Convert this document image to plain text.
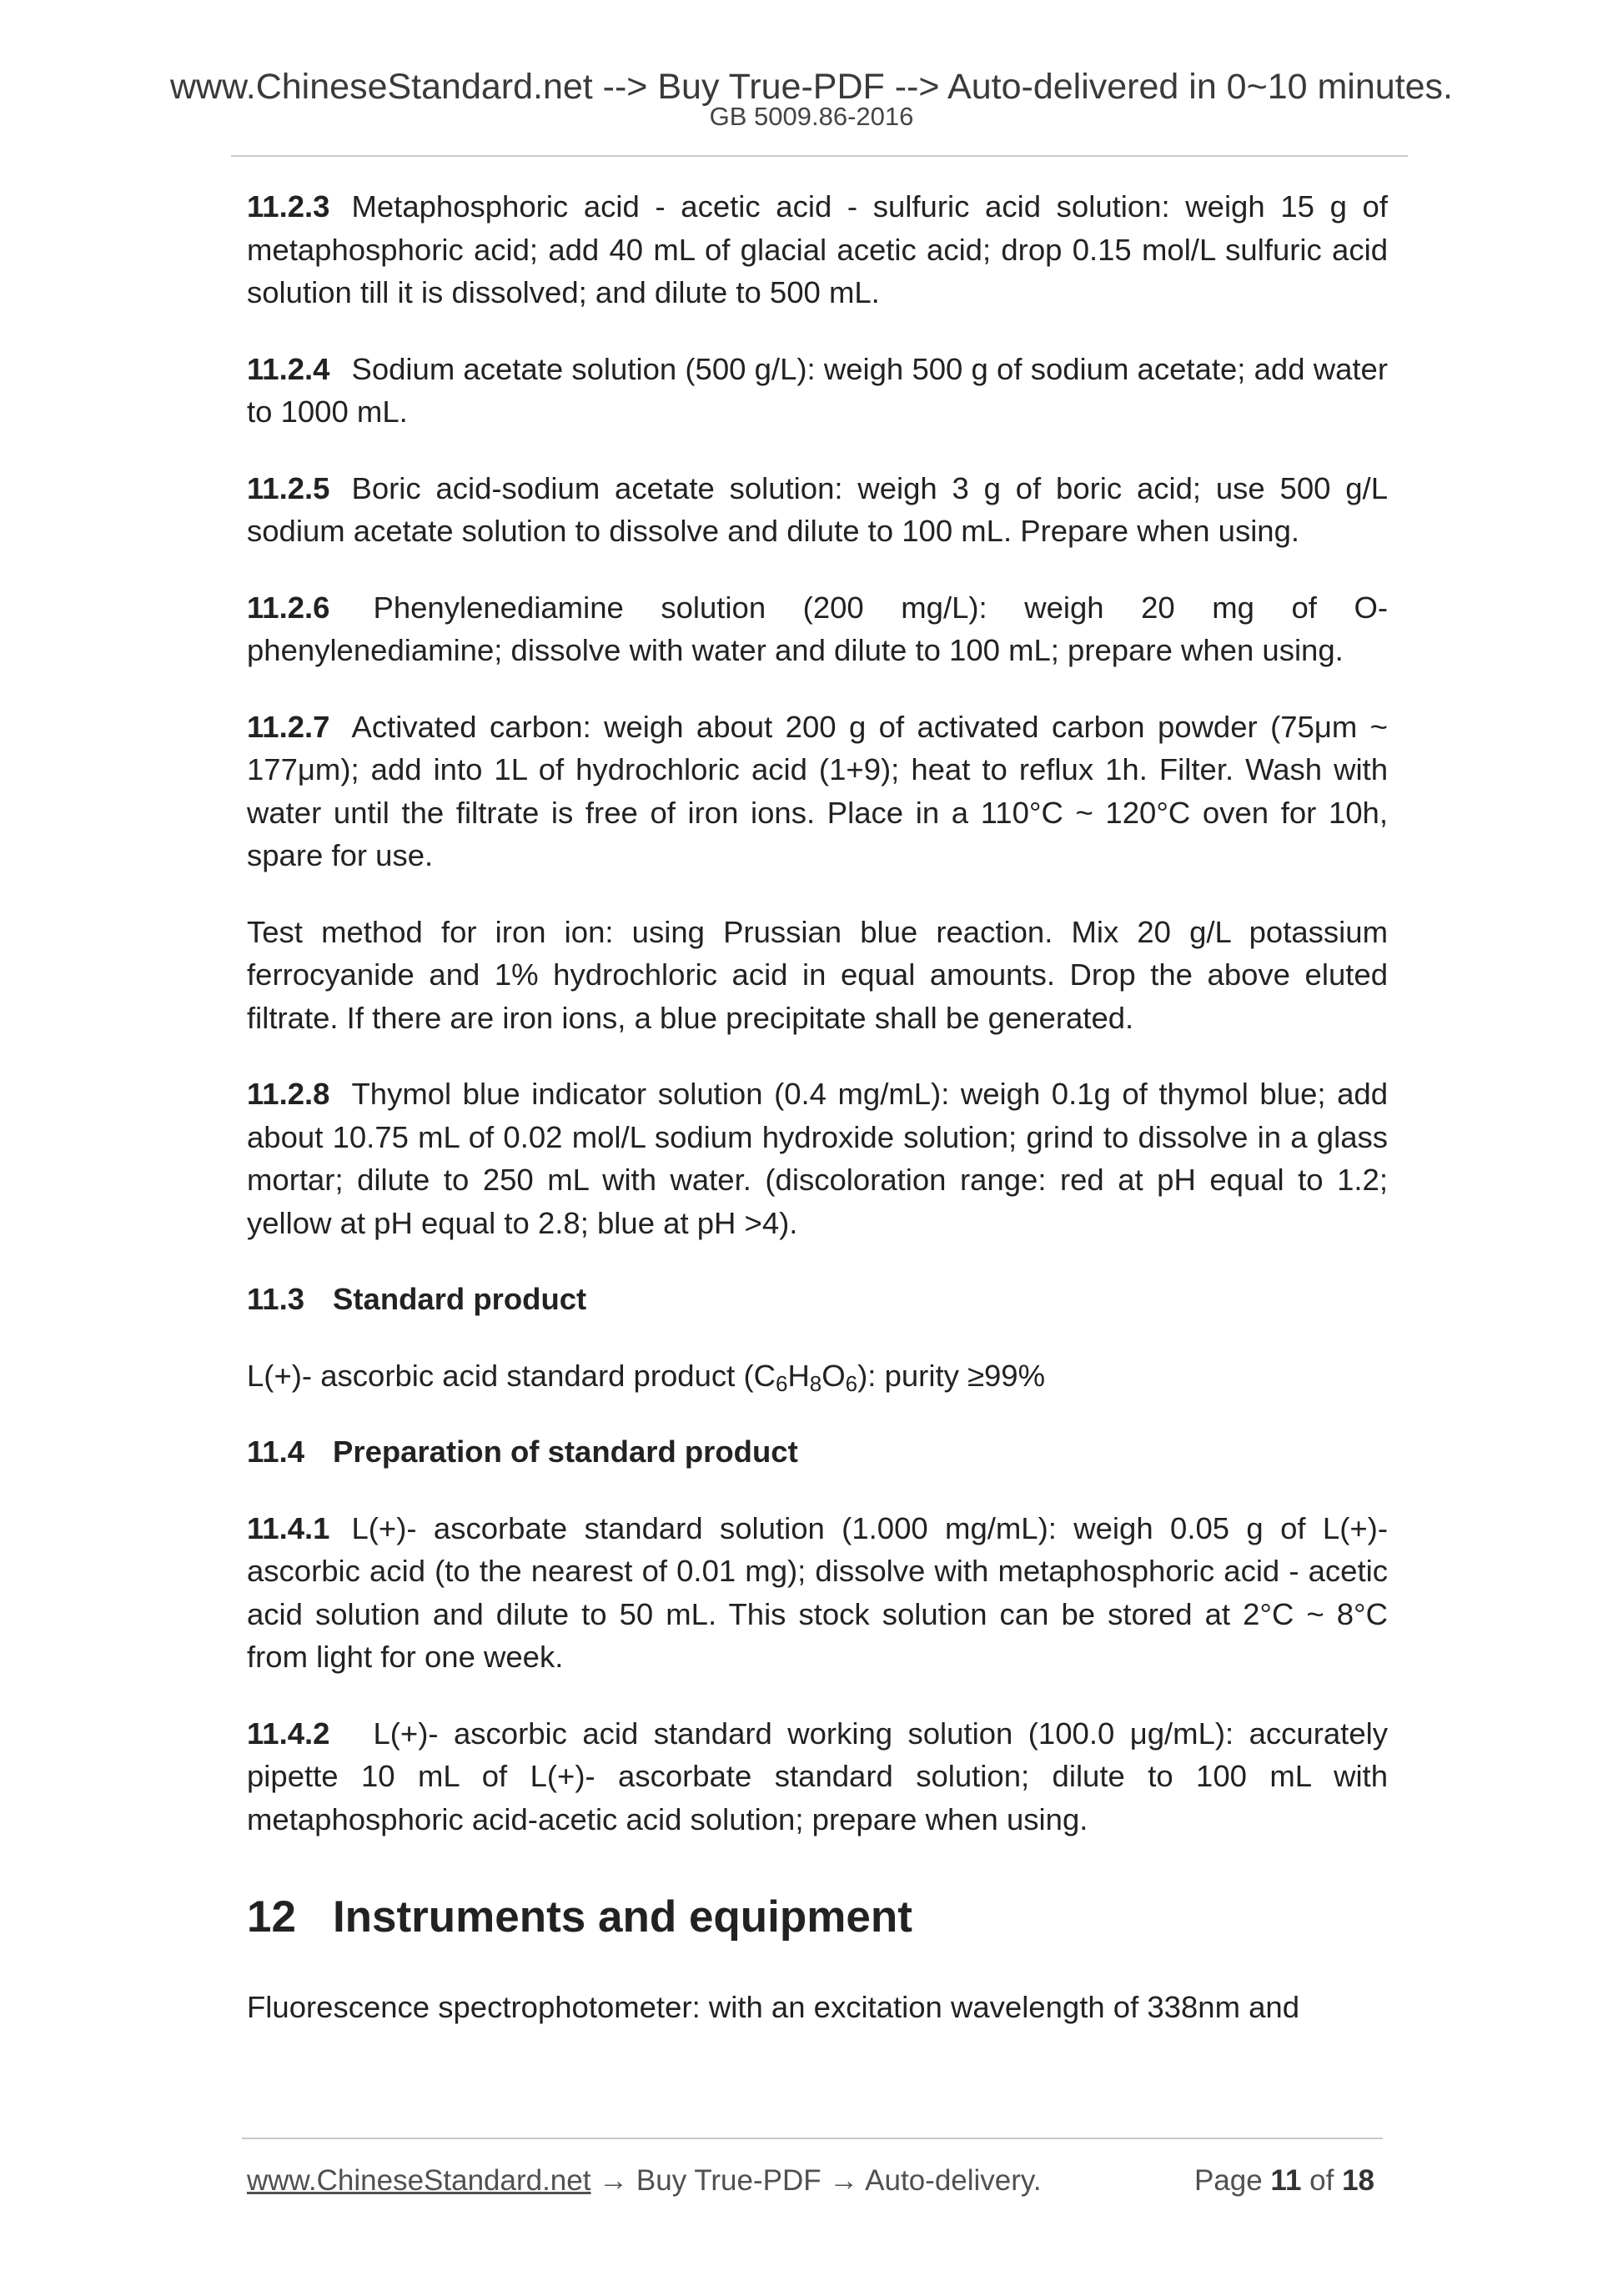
www.ChineseStandard.net --> Buy True-PDF --> Auto-delivered in 0~10 minutes.
GB 5009.86-2016

11.2.3 Metaphosphoric acid - acetic acid - sulfuric acid solution: weigh 15 g of metaphosphoric acid; add 40 mL of glacial acetic acid; drop 0.15 mol/L sulfuric acid solution till it is dissolved; and dilute to 500 mL.

11.2.4 Sodium acetate solution (500 g/L): weigh 500 g of sodium acetate; add water to 1000 mL.

11.2.5 Boric acid-sodium acetate solution: weigh 3 g of boric acid; use 500 g/L sodium acetate solution to dissolve and dilute to 100 mL. Prepare when using.

11.2.6 Phenylenediamine solution (200 mg/L): weigh 20 mg of O-phenylenediamine; dissolve with water and dilute to 100 mL; prepare when using.

11.2.7 Activated carbon: weigh about 200 g of activated carbon powder (75μm ~ 177μm); add into 1L of hydrochloric acid (1+9); heat to reflux 1h. Filter. Wash with water until the filtrate is free of iron ions. Place in a 110°C ~ 120°C oven for 10h, spare for use.

Test method for iron ion: using Prussian blue reaction. Mix 20 g/L potassium ferrocyanide and 1% hydrochloric acid in equal amounts. Drop the above eluted filtrate. If there are iron ions, a blue precipitate shall be generated.

11.2.8 Thymol blue indicator solution (0.4 mg/mL): weigh 0.1g of thymol blue; add about 10.75 mL of 0.02 mol/L sodium hydroxide solution; grind to dissolve in a glass mortar; dilute to 250 mL with water. (discoloration range: red at pH equal to 1.2; yellow at pH equal to 2.8; blue at pH >4).

11.3 Standard product

L(+)- ascorbic acid standard product $(C_6H_8O_6)$: purity ≥99%

11.4 Preparation of standard product

11.4.1 L(+)- ascorbate standard solution (1.000 mg/mL): weigh 0.05 g of L(+)-ascorbic acid (to the nearest of 0.01 mg); dissolve with metaphosphoric acid - acetic acid solution and dilute to 50 mL. This stock solution can be stored at 2°C ~ 8°C from light for one week.

11.4.2 L(+)- ascorbic acid standard working solution (100.0 μg/mL): accurately pipette 10 mL of L(+)- ascorbate standard solution; dilute to 100 mL with metaphosphoric acid-acetic acid solution; prepare when using.

12 Instruments and equipment

Fluorescence spectrophotometer: with an excitation wavelength of 338nm and

www.ChineseStandard.net → Buy True-PDF → Auto-delivery.	Page 11 of 18
